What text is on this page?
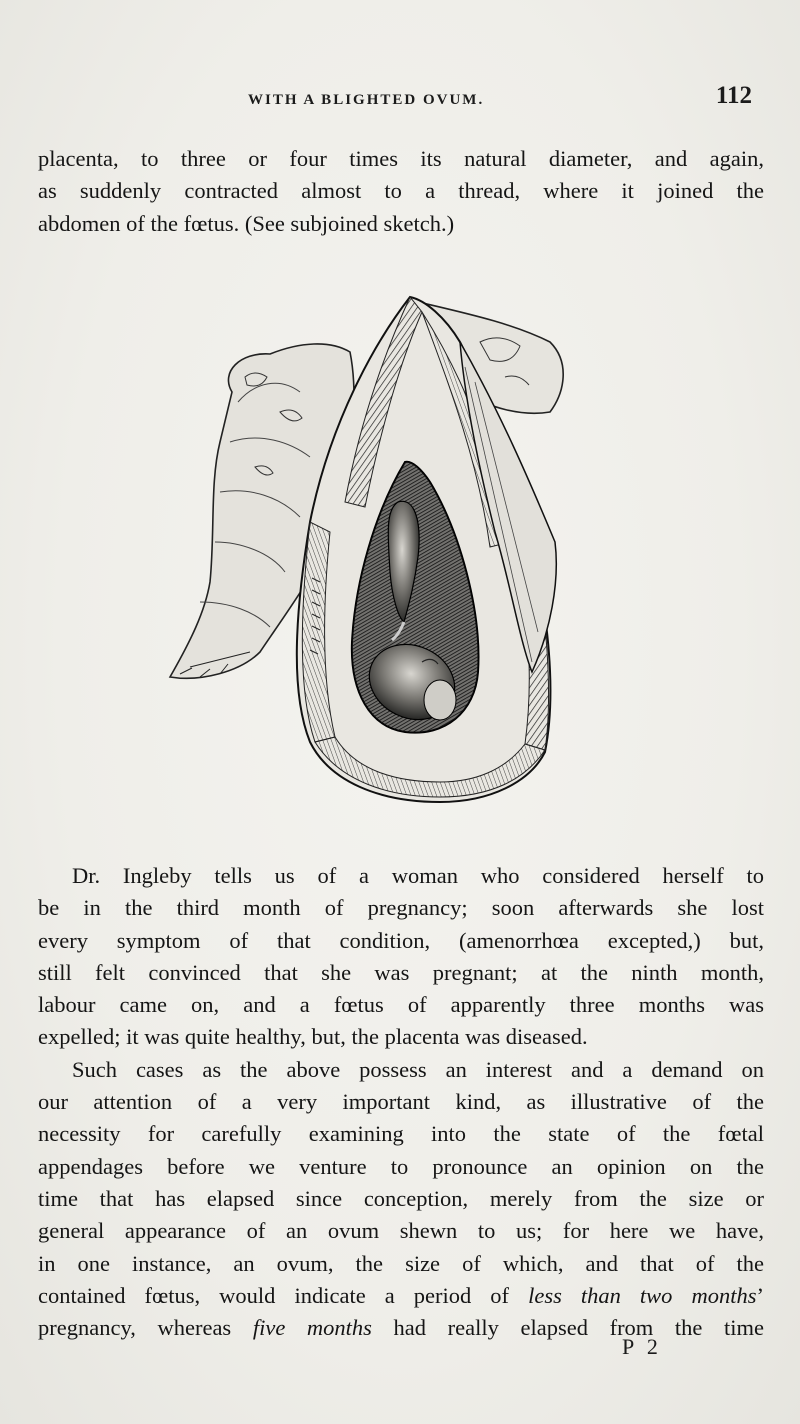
WITH A BLIGHTED OVUM.	112

placenta, to three or four times its natural diameter, and again,

as suddenly contracted almost to a thread, where it joined the

abdomen of the fœtus. (See subjoined sketch.)

Dr. Ingleby tells us of a woman who considered herself to

be in the third month of pregnancy; soon afterwards she lost

every symptom of that condition, (amenorrhœa excepted,) but,

still felt convinced that she was pregnant; at the ninth month,

labour came on, and a fœtus of apparently three months was

expelled; it was quite healthy, but, the placenta was diseased.

Such cases as the above possess an interest and a demand on

our attention of a very important kind, as illustrative of the

necessity for carefully examining into the state of the fœtal

appendages before we venture to pronounce an opinion on the

time that has elapsed since conception, merely from the size or

general appearance of an ovum shewn to us; for here we have,

in one instance, an ovum, the size of which, and that of the

contained fœtus, would indicate a period of less than two months’

pregnancy, whereas five months had really elapsed from the time

P 2
